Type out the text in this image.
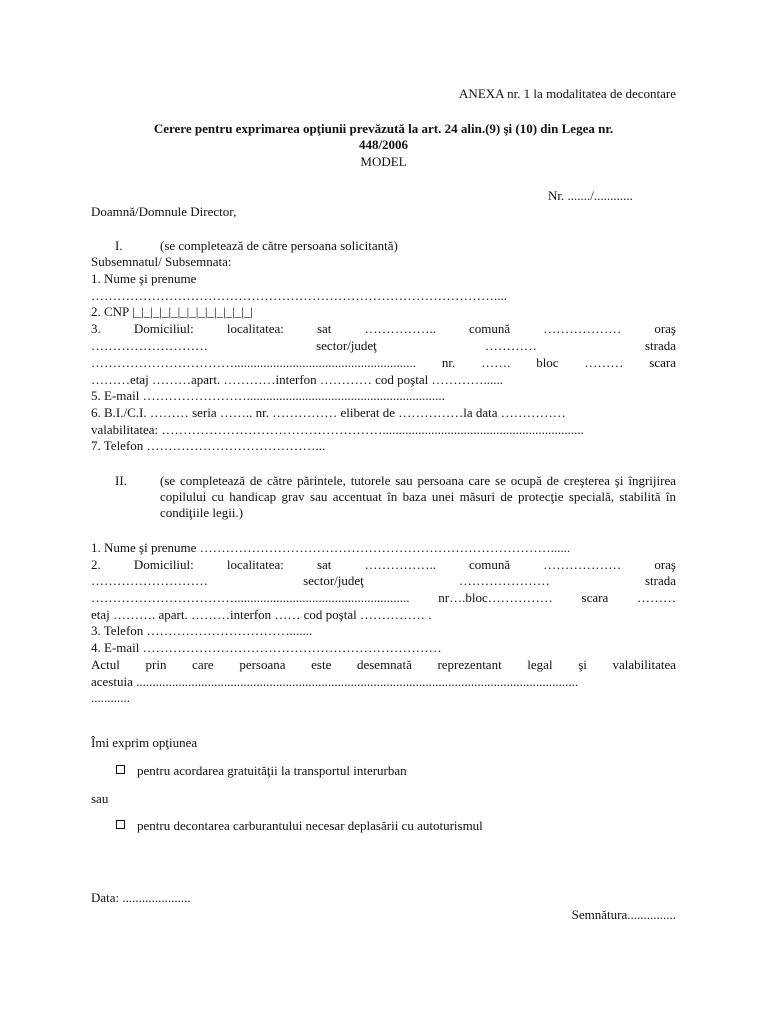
ANEXA nr. 1 la modalitatea de decontare
Cerere pentru exprimarea opţiunii prevăzută la art. 24 alin.(9) şi (10) din Legea nr.
448/2006
MODEL
Nr. ......./............
Doamnă/Domnule Director,
I.	(se completează de către persoana solicitantă)
Subsemnatul/ Subsemnata:
1. Nume şi prenume
…………………………………………………………………………………....
2. CNP |_|_|_|_|_|_|_|_|_|_|_|_|_|
3. Domiciliul: localitatea: sat …………….. comună ……………… oraş
……………………… sector/judeţ ………… strada
……………………………........................................................ nr. ……. bloc ……… scara
………etaj ………apart. …………interfon ………… cod poştal …………......
5. E-mail …………………….............................................................
6. B.I./C.I. ……… seria …….. nr. …………… eliberat de ……………la data ……………
valabilitatea: ……………………………………………..............................................................
7. Telefon …………………………………...
II.	(se completează de către părintele, tutorele sau persoana care se ocupă de creşterea şi îngrijirea copilului cu handicap grav sau accentuat în baza unei măsuri de protecţie specială, stabilită în condiţiile legii.)
1. Nume şi prenume ………………………………………………………………………......
2. Domiciliul: localitatea: sat …………….. comună ……………… oraş
……………………… sector/judeţ ………………… strada
……………………………...................................................... nr….bloc…………… scara ………
etaj ………. apart. ………interfon …… cod poştal …………… .
3. Telefon …………………………….......
4. E-mail ……………………………………………………………
Actul prin care persoana este desemnată reprezentant legal şi valabilitatea
acestuia ........................................................................................................................................
............
Îmi exprim opţiunea
pentru acordarea gratuităţii la transportul interurban
sau
pentru decontarea carburantului necesar deplasării cu autoturismul
Data: .....................
Semnătura...............
